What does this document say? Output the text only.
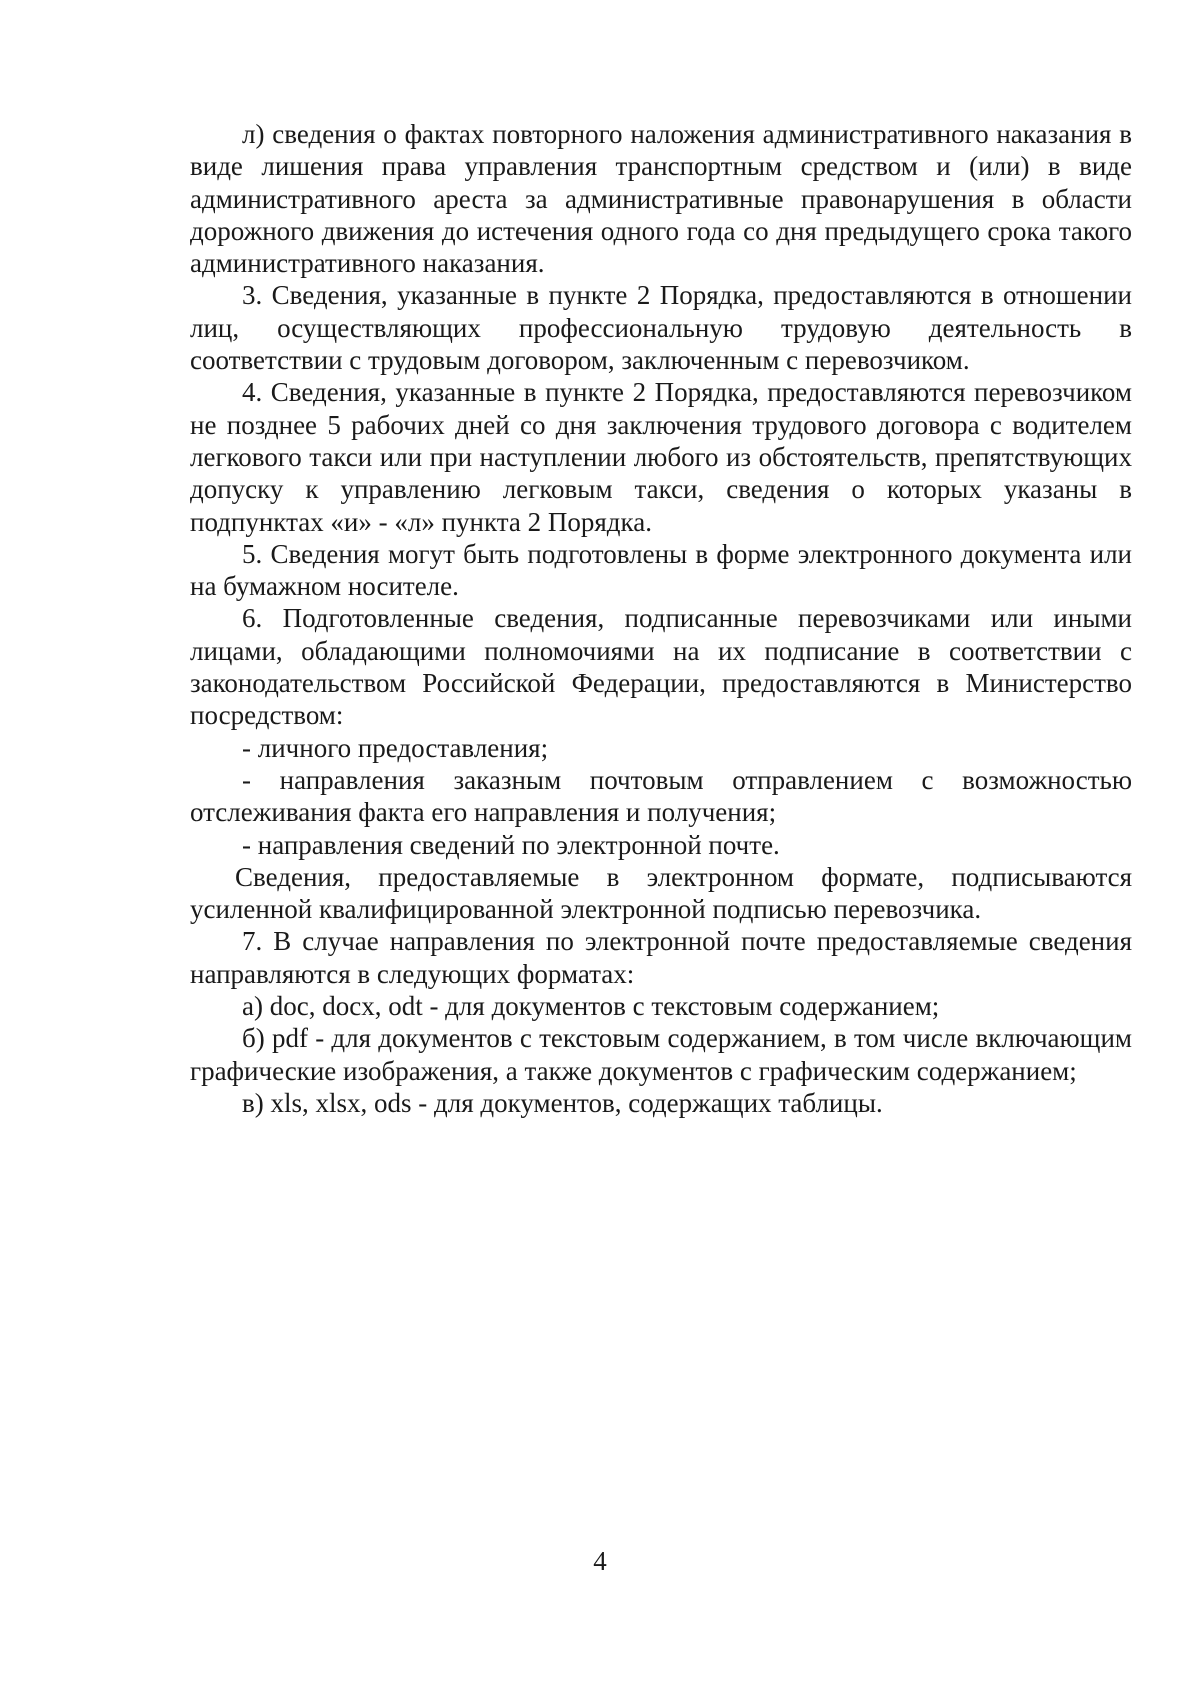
л) сведения о фактах повторного наложения административного наказания в виде лишения права управления транспортным средством и (или) в виде административного ареста за административные правонарушения в области дорожного движения до истечения одного года со дня предыдущего срока такого административного наказания.

3. Сведения, указанные в пункте 2 Порядка, предоставляются в отношении лиц, осуществляющих профессиональную трудовую деятельность в соответствии с трудовым договором, заключенным с перевозчиком.

4. Сведения, указанные в пункте 2 Порядка, предоставляются перевозчиком не позднее 5 рабочих дней со дня заключения трудового договора с водителем легкового такси или при наступлении любого из обстоятельств, препятствующих допуску к управлению легковым такси, сведения о которых указаны в подпунктах «и» - «л» пункта 2 Порядка.

5. Сведения могут быть подготовлены в форме электронного документа или на бумажном носителе.

6. Подготовленные сведения, подписанные перевозчиками или иными лицами, обладающими полномочиями на их подписание в соответствии с законодательством Российской Федерации, предоставляются в Министерство посредством:

- личного предоставления;

- направления заказным почтовым отправлением с возможностью отслеживания факта его направления и получения;

- направления сведений по электронной почте.

Сведения, предоставляемые в электронном формате, подписываются усиленной квалифицированной электронной подписью перевозчика.

7. В случае направления по электронной почте предоставляемые сведения направляются в следующих форматах:

а) doc, docx, odt - для документов с текстовым содержанием;

б) pdf - для документов с текстовым содержанием, в том числе включающим графические изображения, а также документов с графическим содержанием;

в) xls, xlsx, ods - для документов, содержащих таблицы.

4
